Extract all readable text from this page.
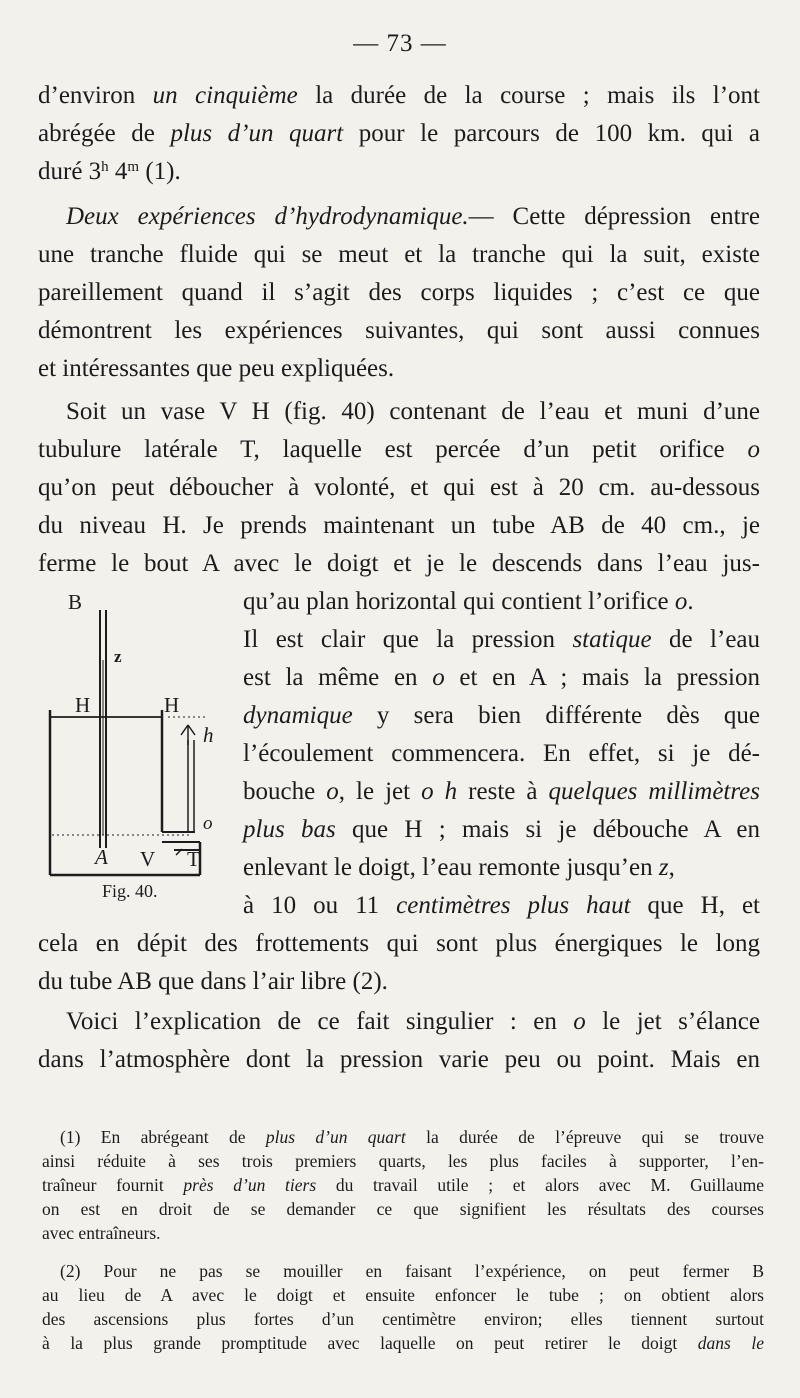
— 73 —
d’environ un cinquième la durée de la course ; mais ils l’ont
abrégée de plus d’un quart pour le parcours de 100 km. qui a
duré 3$^h$ 4$^m$ (1).
Deux expériences d’hydrodynamique.— Cette dépression entre
une tranche fluide qui se meut et la tranche qui la suit, existe
pareillement quand il s’agit des corps liquides ; c’est ce que
démontrent les expériences suivantes, qui sont aussi connues
et intéressantes que peu expliquées.
Soit un vase V H (fig. 40) contenant de l’eau et muni d’une
tubulure latérale T, laquelle est percée d’un petit orifice o
qu’on peut déboucher à volonté, et qui est à 20 cm. au-dessous
du niveau H. Je prends maintenant un tube AB de 40 cm., je
ferme le bout A avec le doigt et je le descends dans l’eau jus-
qu’au plan horizontal qui contient l’orifice o.
Il est clair que la pression statique de l’eau
est la même en o et en A ; mais la pression
dynamique y sera bien différente dès que
l’écoulement commencera. En effet, si je dé-
bouche o, le jet o h reste à quelques millimètres
plus bas que H ; mais si je débouche A en
enlevant le doigt, l’eau remonte jusqu’en z,
à 10 ou 11 centimètres plus haut que H, et
cela en dépit des frottements qui sont plus énergiques le long
du tube AB que dans l’air libre (2).
Voici l’explication de ce fait singulier : en o le jet s’élance
dans l’atmosphère dont la pression varie peu ou point. Mais en
(1) En abrégeant de plus d’un quart la durée de l’épreuve qui se trouve
ainsi réduite à ses trois premiers quarts, les plus faciles à supporter, l’en-
traîneur fournit près d’un tiers du travail utile ; et alors avec M. Guillaume
on est en droit de se demander ce que signifient les résultats des courses
avec entraîneurs.
(2) Pour ne pas se mouiller en faisant l’expérience, on peut fermer B
au lieu de A avec le doigt et ensuite enfoncer le tube ; on obtient alors
des ascensions plus fortes d’un centimètre environ; elles tiennent surtout
à la plus grande promptitude avec laquelle on peut retirer le doigt dans le
B
z
H	H
h
o
A V T
Fig. 40.
